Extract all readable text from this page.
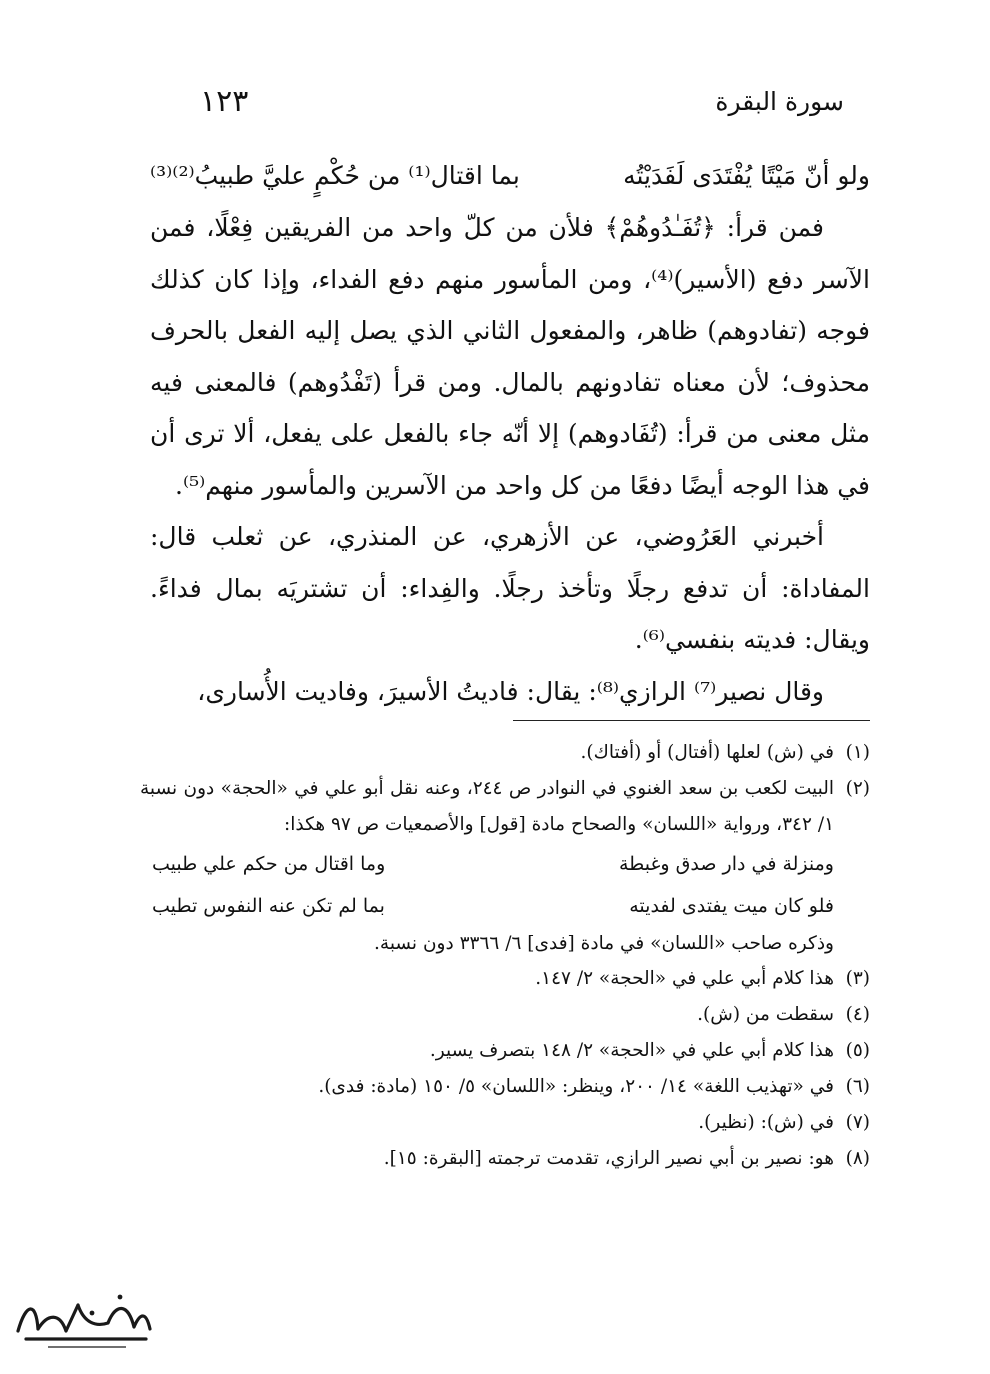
سورة البقرة
١٢٣
ولو أنّ مَيْتًا يُفْتَدَى لَفَدَيْتُه
بما اقتال⁽¹⁾ من حُكْمٍ عليَّ طبيبُ⁽²⁾⁽³⁾

فمن قرأ: ﴿تُفَـٰدُوهُمْ﴾ فلأن من كلّ واحد من الفريقين فِعْلًا، فمن الآسر دفع (الأسير)⁽⁴⁾، ومن المأسور منهم دفع الفداء، وإذا كان كذلك فوجه (تفادوهم) ظاهر، والمفعول الثاني الذي يصل إليه الفعل بالحرف محذوف؛ لأن معناه تفادونهم بالمال. ومن قرأ (تَفْدُوهم) فالمعنى فيه مثل معنى من قرأ: (تُفَادوهم) إلا أنّه جاء بالفعل على يفعل، ألا ترى أن في هذا الوجه أيضًا دفعًا من كل واحد من الآسرين والمأسور منهم⁽⁵⁾.

أخبرني العَرُوضي، عن الأزهري، عن المنذري، عن ثعلب قال: المفاداة: أن تدفع رجلًا وتأخذ رجلًا. والفِداء: أن تشتريَه بمال فداءً. ويقال: فديته بنفسي⁽⁶⁾.

وقال نصير⁽⁷⁾ الرازي⁽⁸⁾: يقال: فاديتُ الأسيرَ، وفاديت الأُسارى،

(١)
في (ش) لعلها (أفتال) أو (أفتاك).
(٢)
البيت لكعب بن سعد الغنوي في النوادر ص ٢٤٤، وعنه نقل أبو علي في «الحجة» دون نسبة ١/ ٣٤٢، ورواية «اللسان» والصحاح مادة [قول] والأصمعيات ص ٩٧ هكذا:
ومنزلة في دار صدق وغبطة
وما اقتال من حكم علي طبيب
فلو كان ميت يفتدى لفديته
بما لم تكن عنه النفوس تطيب
وذكره صاحب «اللسان» في مادة [فدى] ٦/ ٣٣٦٦ دون نسبة.
(٣)
هذا كلام أبي علي في «الحجة» ٢/ ١٤٧.
(٤)
سقطت من (ش).
(٥)
هذا كلام أبي علي في «الحجة» ٢/ ١٤٨ بتصرف يسير.
(٦)
في «تهذيب اللغة» ١٤/ ٢٠٠، وينظر: «اللسان» ٥/ ١٥٠ (مادة: فدى).
(٧)
في (ش): (نظير).
(٨)
هو: نصير بن أبي نصير الرازي، تقدمت ترجمته [البقرة: ١٥].
